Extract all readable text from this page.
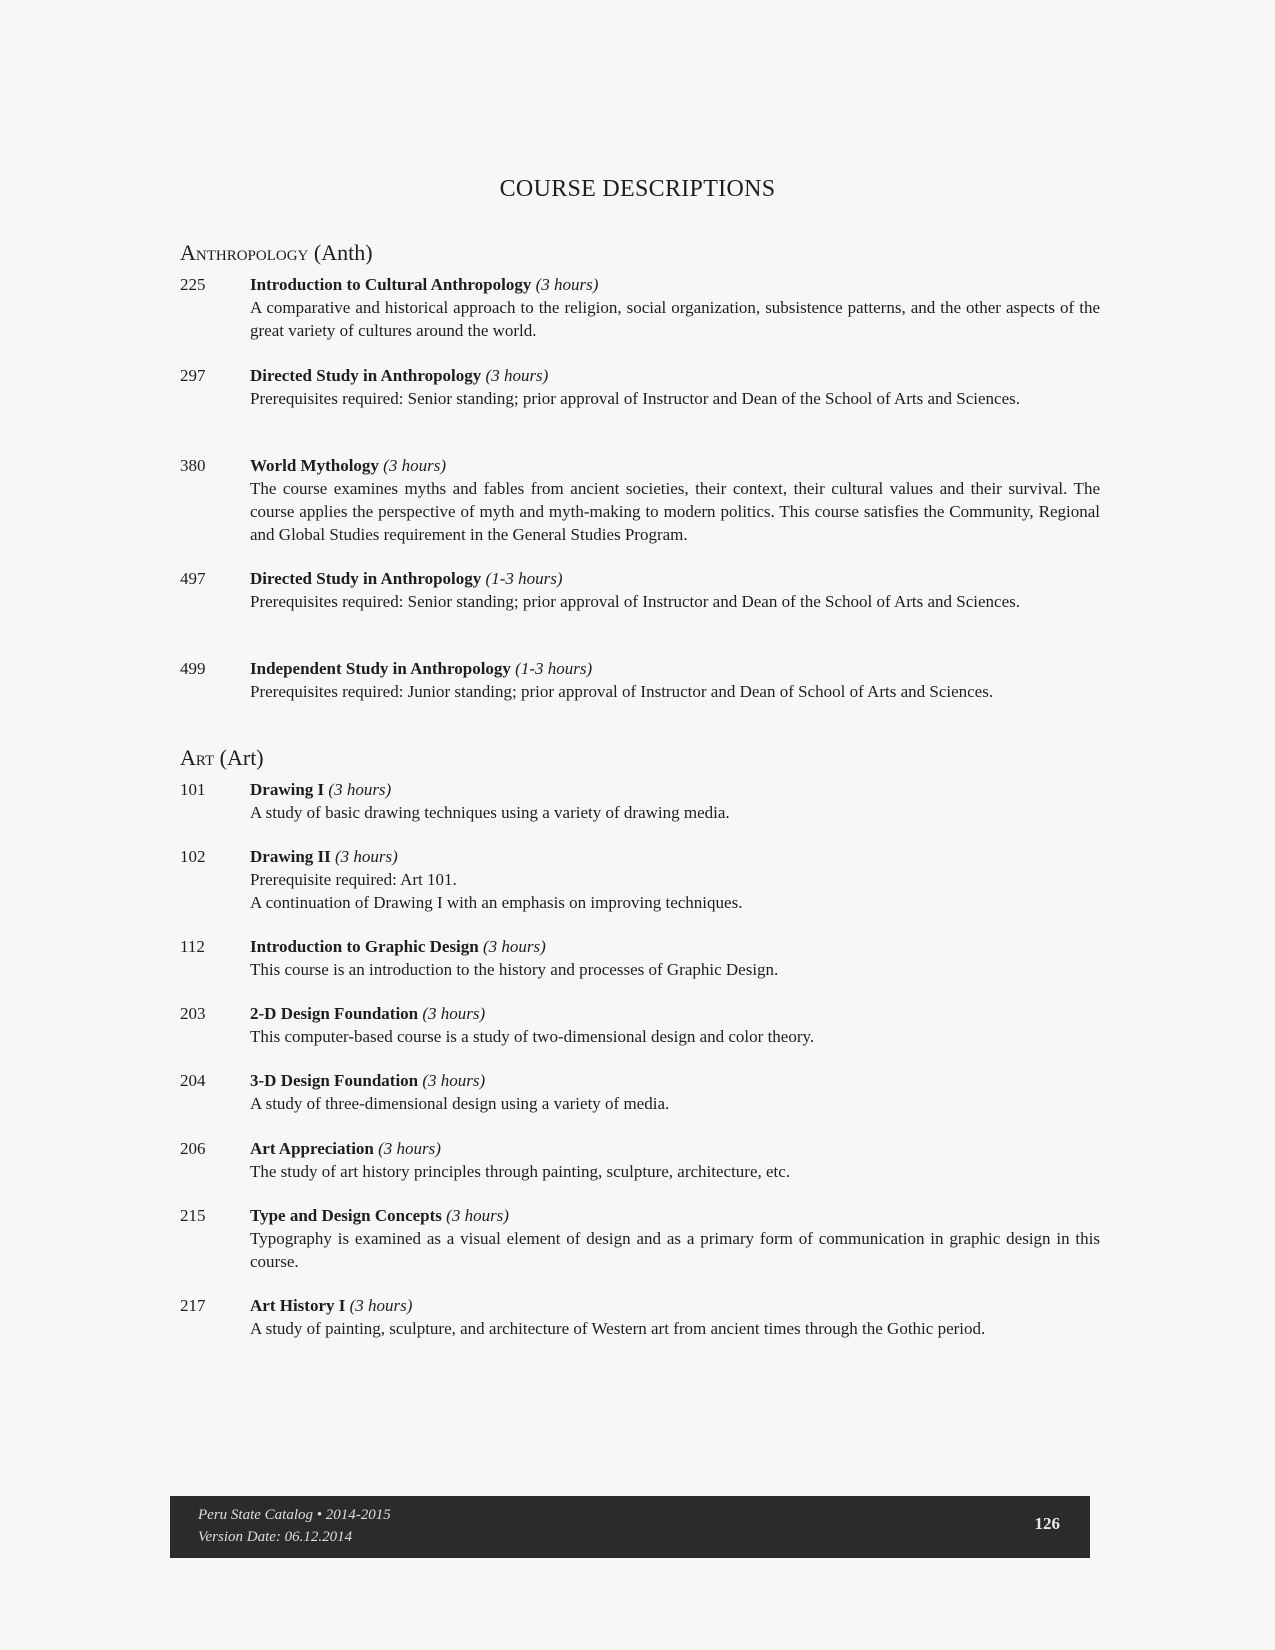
COURSE DESCRIPTIONS
Anthropology (Anth)
225	Introduction to Cultural Anthropology (3 hours)
A comparative and historical approach to the religion, social organization, subsistence patterns, and the other aspects of the great variety of cultures around the world.
297	Directed Study in Anthropology (3 hours)
Prerequisites required: Senior standing; prior approval of Instructor and Dean of the School of Arts and Sciences.
380	World Mythology (3 hours)
The course examines myths and fables from ancient societies, their context, their cultural values and their survival. The course applies the perspective of myth and myth-making to modern politics. This course satisfies the Community, Regional and Global Studies requirement in the General Studies Program.
497	Directed Study in Anthropology (1-3 hours)
Prerequisites required: Senior standing; prior approval of Instructor and Dean of the School of Arts and Sciences.
499	Independent Study in Anthropology (1-3 hours)
Prerequisites required: Junior standing; prior approval of Instructor and Dean of School of Arts and Sciences.
Art (Art)
101	Drawing I (3 hours)
A study of basic drawing techniques using a variety of drawing media.
102	Drawing II (3 hours)
Prerequisite required: Art 101.
A continuation of Drawing I with an emphasis on improving techniques.
112	Introduction to Graphic Design (3 hours)
This course is an introduction to the history and processes of Graphic Design.
203	2-D Design Foundation (3 hours)
This computer-based course is a study of two-dimensional design and color theory.
204	3-D Design Foundation (3 hours)
A study of three-dimensional design using a variety of media.
206	Art Appreciation (3 hours)
The study of art history principles through painting, sculpture, architecture, etc.
215	Type and Design Concepts (3 hours)
Typography is examined as a visual element of design and as a primary form of communication in graphic design in this course.
217	Art History I (3 hours)
A study of painting, sculpture, and architecture of Western art from ancient times through the Gothic period.
Peru State Catalog • 2014-2015
Version Date: 06.12.2014
126
